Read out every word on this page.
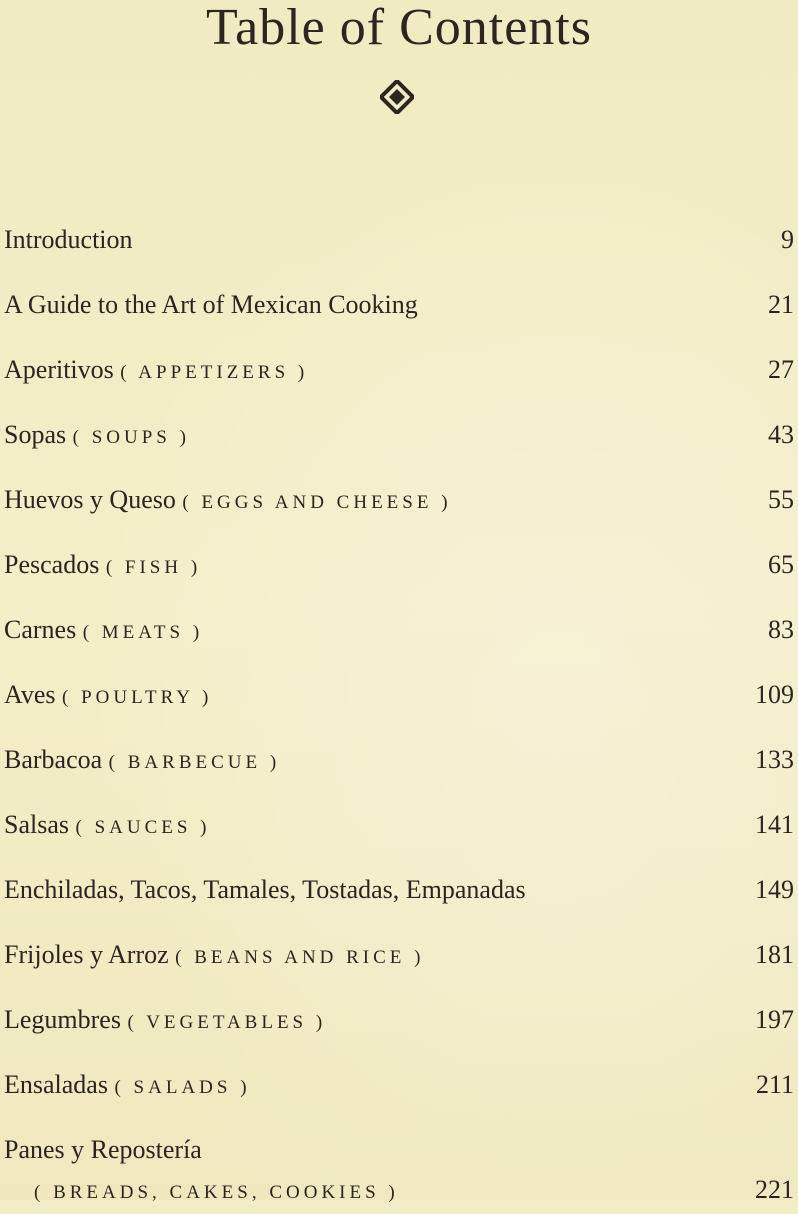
Table of Contents
Introduction	9
A Guide to the Art of Mexican Cooking	21
Aperitivos ( APPETIZERS )	27
Sopas ( SOUPS )	43
Huevos y Queso ( EGGS AND CHEESE )	55
Pescados ( FISH )	65
Carnes ( MEATS )	83
Aves ( POULTRY )	109
Barbacoa ( BARBECUE )	133
Salsas ( SAUCES )	141
Enchiladas, Tacos, Tamales, Tostadas, Empanadas	149
Frijoles y Arroz ( BEANS AND RICE )	181
Legumbres ( VEGETABLES )	197
Ensaladas ( SALADS )	211
Panes y Repostería
( BREADS, CAKES, COOKIES )	221
